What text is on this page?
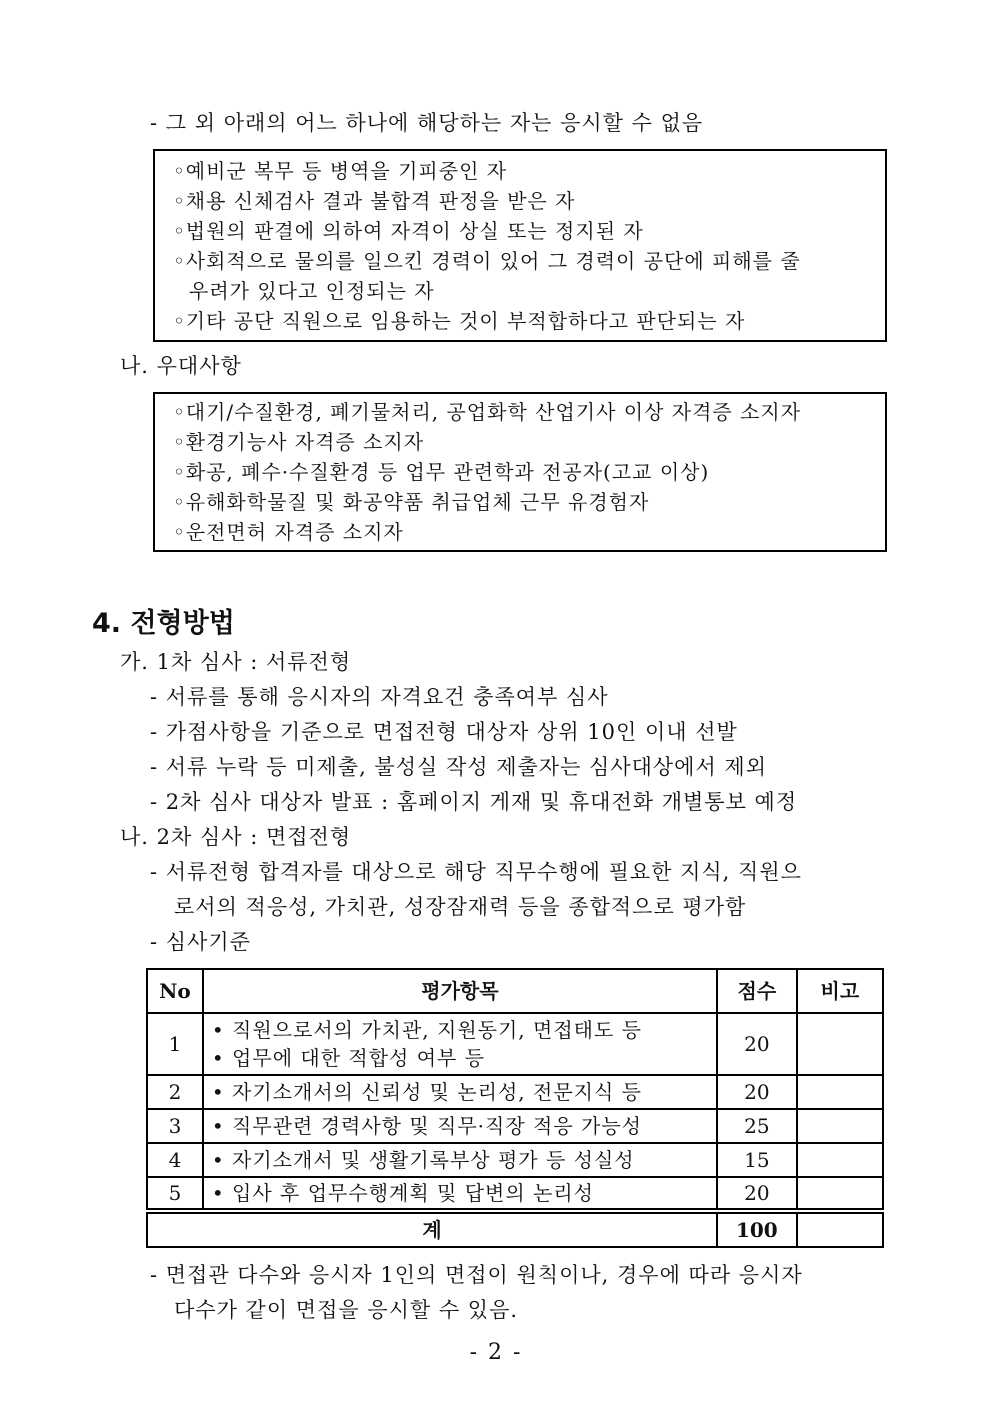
- 그 외 아래의 어느 하나에 해당하는 자는 응시할 수 없음
◦예비군 복무 등 병역을 기피중인 자
◦채용 신체검사 결과 불합격 판정을 받은 자
◦법원의 판결에 의하여 자격이 상실 또는 정지된 자
◦사회적으로 물의를 일으킨 경력이 있어 그 경력이 공단에 피해를 줄
우려가 있다고 인정되는 자
◦기타 공단 직원으로 임용하는 것이 부적합하다고 판단되는 자
나. 우대사항
◦대기/수질환경, 폐기물처리, 공업화학 산업기사 이상 자격증 소지자
◦환경기능사 자격증 소지자
◦화공, 폐수·수질환경 등 업무 관련학과 전공자(고교 이상)
◦유해화학물질 및 화공약품 취급업체 근무 유경험자
◦운전면허 자격증 소지자
4. 전형방법
가. 1차 심사 : 서류전형
- 서류를 통해 응시자의 자격요건 충족여부 심사
- 가점사항을 기준으로 면접전형 대상자 상위 10인 이내 선발
- 서류 누락 등 미제출, 불성실 작성 제출자는 심사대상에서 제외
- 2차 심사 대상자 발표 : 홈페이지 게재 및 휴대전화 개별통보 예정
나. 2차 심사 : 면접전형
- 서류전형 합격자를 대상으로 해당 직무수행에 필요한 지식, 직원으
로서의 적응성, 가치관, 성장잠재력 등을 종합적으로 평가함
- 심사기준
No	평가항목	점수	비고
1	• 직원으로서의 가치관, 지원동기, 면접태도 등
• 업무에 대한 적합성 여부 등	20	
2	• 자기소개서의 신뢰성 및 논리성, 전문지식 등	20	
3	• 직무관련 경력사항 및 직무·직장 적응 가능성	25	
4	• 자기소개서 및 생활기록부상 평가 등 성실성	15	
5	• 입사 후 업무수행계획 및 답변의 논리성	20	
계		100	
- 면접관 다수와 응시자 1인의 면접이 원칙이나, 경우에 따라 응시자
다수가 같이 면접을 응시할 수 있음.
- 2 -
